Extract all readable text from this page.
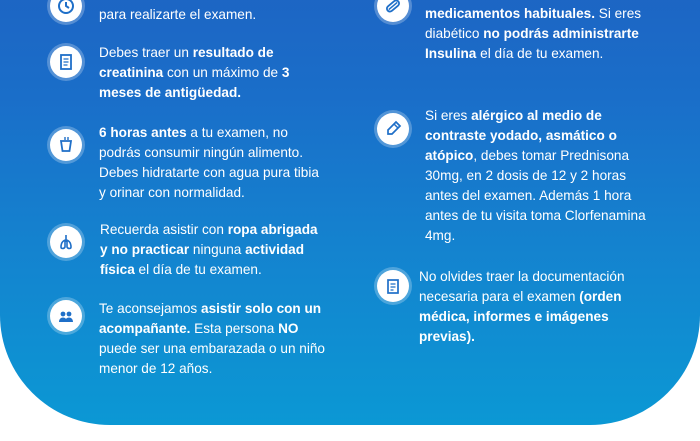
para realizarte el examen.
Debes traer un resultado de creatinina con un máximo de 3 meses de antigüedad.
6 horas antes a tu examen, no podrás consumir ningún alimento. Debes hidratarte con agua pura tibia y orinar con normalidad.
Recuerda asistir con ropa abrigada y no practicar ninguna actividad física el día de tu examen.
Te aconsejamos asistir solo con un acompañante. Esta persona NO puede ser una embarazada o un niño menor de 12 años.
medicamentos habituales. Si eres diabético no podrás administrarte Insulina el día de tu examen.
Si eres alérgico al medio de contraste yodado, asmático o atópico, debes tomar Prednisona 30mg, en 2 dosis de 12 y 2 horas antes del examen. Además 1 hora antes de tu visita toma Clorfenamina 4mg.
No olvides traer la documentación necesaria para el examen (orden médica, informes e imágenes previas).
